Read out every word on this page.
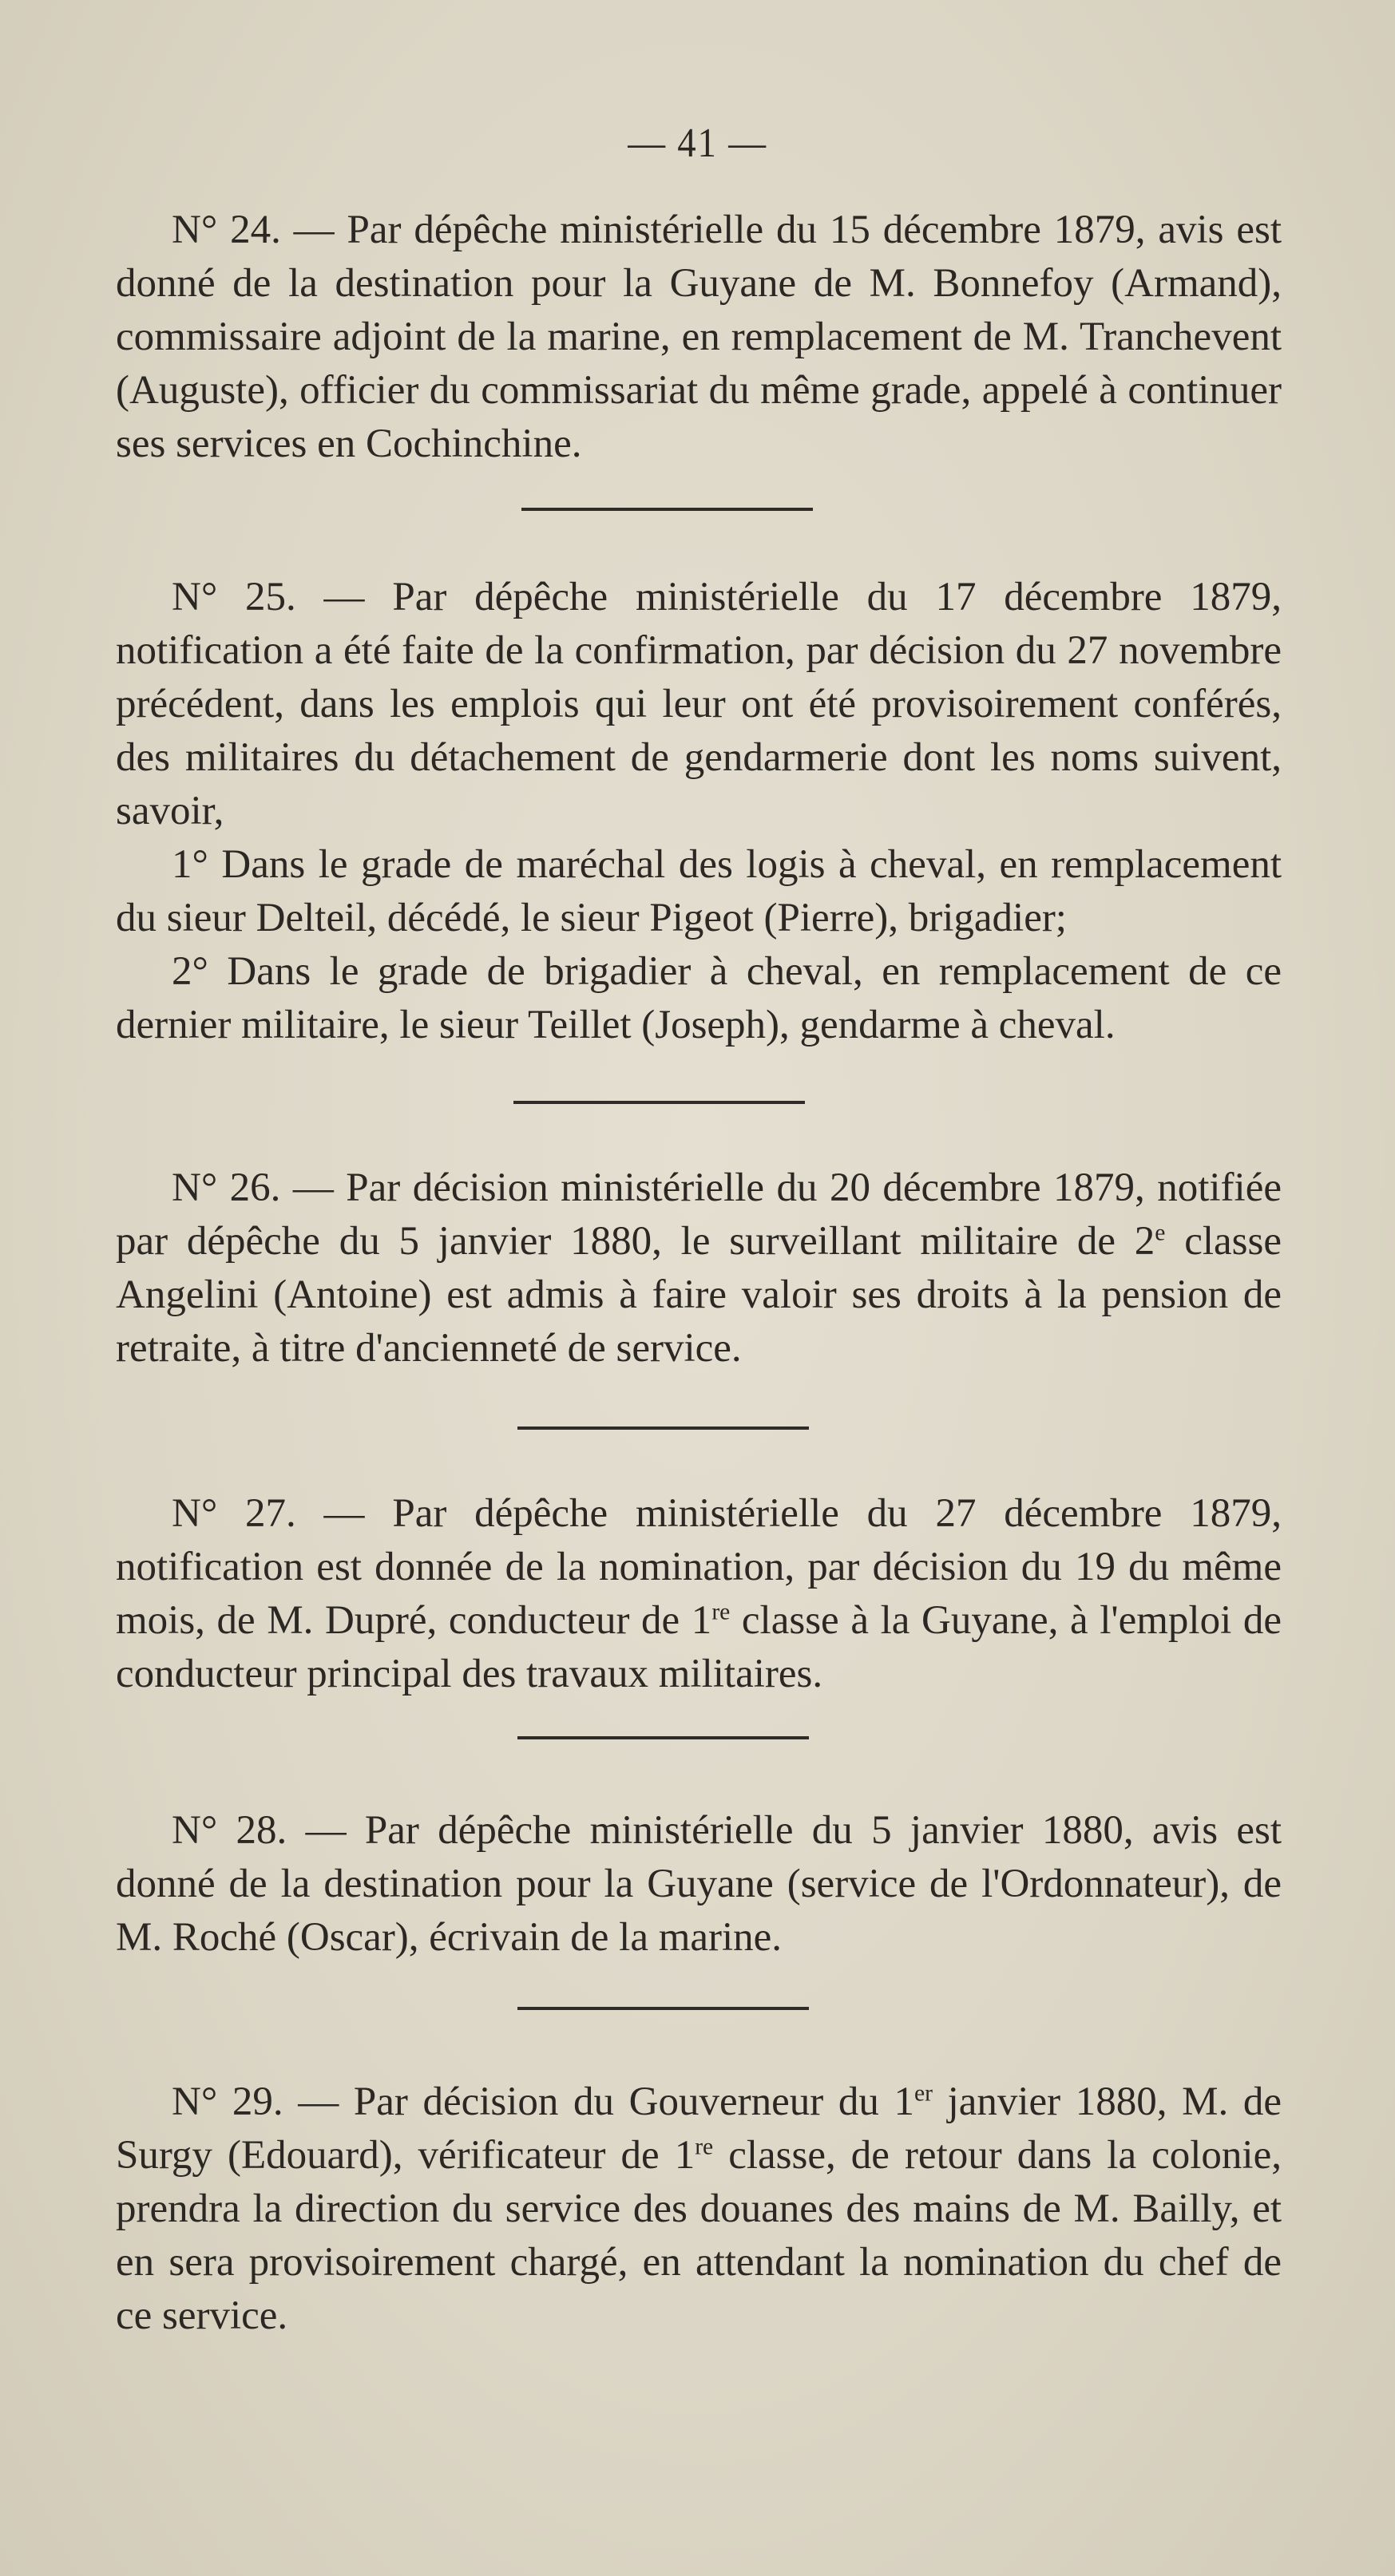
— 41 —

N° 24. — Par dépêche ministérielle du 15 décembre 1879, avis est donné de la destination pour la Guyane de M. Bonnefoy (Armand), commissaire adjoint de la marine, en remplacement de M. Tranchevent (Auguste), officier du commissariat du même grade, appelé à continuer ses services en Cochinchine.

N° 25. — Par dépêche ministérielle du 17 décembre 1879, notification a été faite de la confirmation, par décision du 27 novembre précédent, dans les emplois qui leur ont été provisoirement conférés, des militaires du détachement de gendarmerie dont les noms suivent, savoir,

1° Dans le grade de maréchal des logis à cheval, en remplacement du sieur Delteil, décédé, le sieur Pigeot (Pierre), brigadier;

2° Dans le grade de brigadier à cheval, en remplacement de ce dernier militaire, le sieur Teillet (Joseph), gendarme à cheval.

N° 26. — Par décision ministérielle du 20 décembre 1879, notifiée par dépêche du 5 janvier 1880, le surveillant militaire de 2e classe Angelini (Antoine) est admis à faire valoir ses droits à la pension de retraite, à titre d'ancienneté de service.

N° 27. — Par dépêche ministérielle du 27 décembre 1879, notification est donnée de la nomination, par décision du 19 du même mois, de M. Dupré, conducteur de 1re classe à la Guyane, à l'emploi de conducteur principal des travaux militaires.

N° 28. — Par dépêche ministérielle du 5 janvier 1880, avis est donné de la destination pour la Guyane (service de l'Ordonnateur), de M. Roché (Oscar), écrivain de la marine.

N° 29. — Par décision du Gouverneur du 1er janvier 1880, M. de Surgy (Edouard), vérificateur de 1re classe, de retour dans la colonie, prendra la direction du service des douanes des mains de M. Bailly, et en sera provisoirement chargé, en attendant la nomination du chef de ce service.
